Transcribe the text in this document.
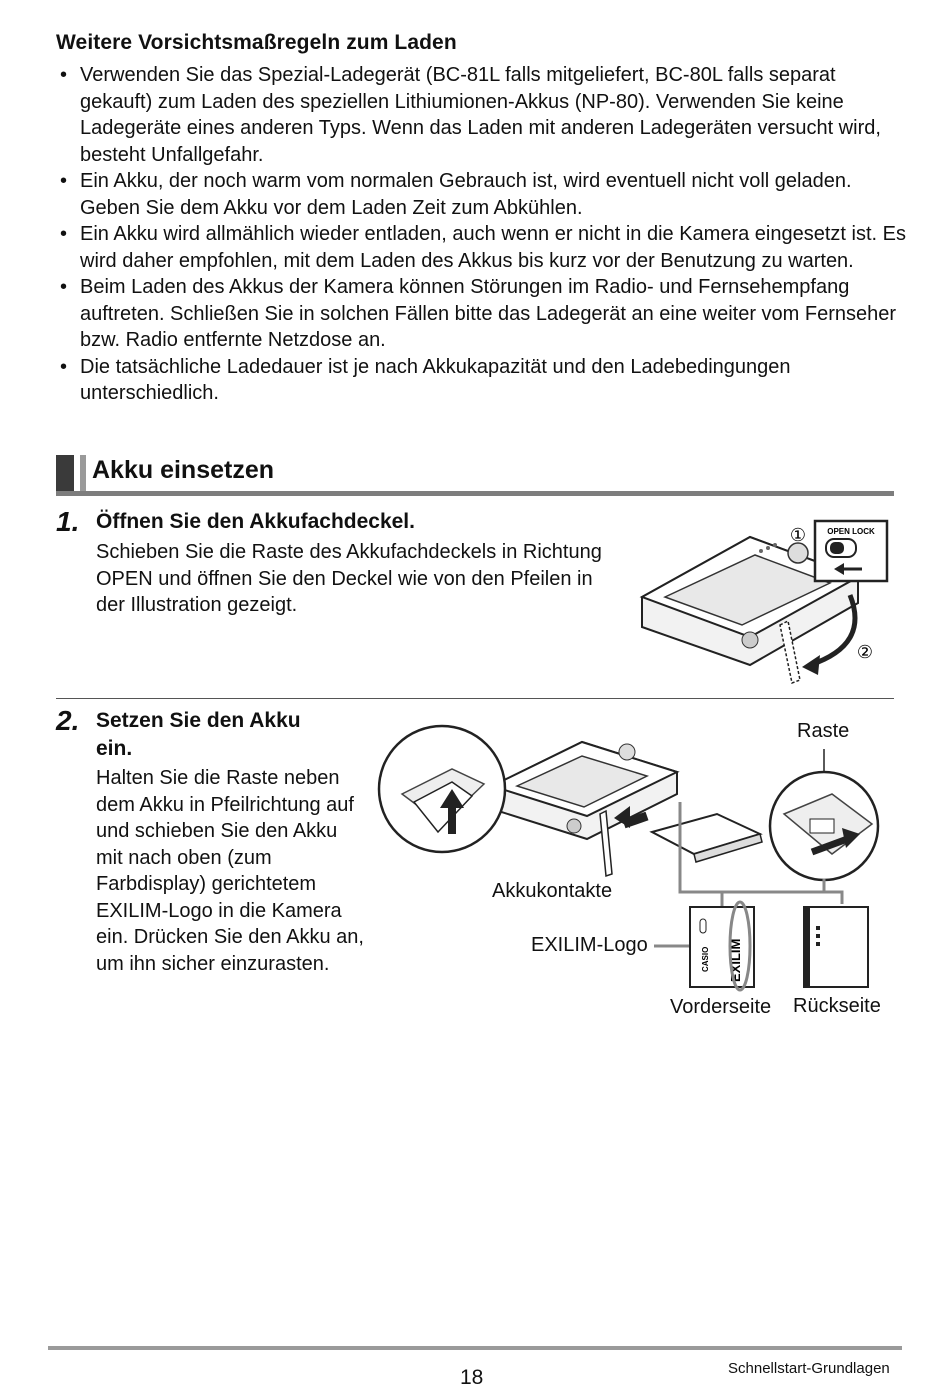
Weitere Vorsichtsmaßregeln zum Laden
• Verwenden Sie das Spezial-Ladegerät (BC-81L falls mitgeliefert, BC-80L falls separat gekauft) zum Laden des speziellen Lithiumionen-Akkus (NP-80). Verwenden Sie keine Ladegeräte eines anderen Typs. Wenn das Laden mit anderen Ladegeräten versucht wird, besteht Unfallgefahr.
• Ein Akku, der noch warm vom normalen Gebrauch ist, wird eventuell nicht voll geladen. Geben Sie dem Akku vor dem Laden Zeit zum Abkühlen.
• Ein Akku wird allmählich wieder entladen, auch wenn er nicht in die Kamera eingesetzt ist. Es wird daher empfohlen, mit dem Laden des Akkus bis kurz vor der Benutzung zu warten.
• Beim Laden des Akkus der Kamera können Störungen im Radio- und Fernsehempfang auftreten. Schließen Sie in solchen Fällen bitte das Ladegerät an eine weiter vom Fernseher bzw. Radio entfernte Netzdose an.
• Die tatsächliche Ladedauer ist je nach Akkukapazität und den Ladebedingungen unterschiedlich.
Akku einsetzen
1. Öffnen Sie den Akkufachdeckel.
Schieben Sie die Raste des Akkufachdeckels in Richtung OPEN und öffnen Sie den Deckel wie von den Pfeilen in der Illustration gezeigt.
OPEN LOCK
①
②
2. Setzen Sie den Akku
ein.
Halten Sie die Raste neben dem Akku in Pfeilrichtung auf und schieben Sie den Akku mit nach oben (zum Farbdisplay) gerichtetem EXILIM-Logo in die Kamera ein. Drücken Sie den Akku an, um ihn sicher einzurasten.	CASIO EXILIM
Raste
Akkukontakte
EXILIM-Logo
Vorderseite Rückseite
18	Schnellstart-Grundlagen
